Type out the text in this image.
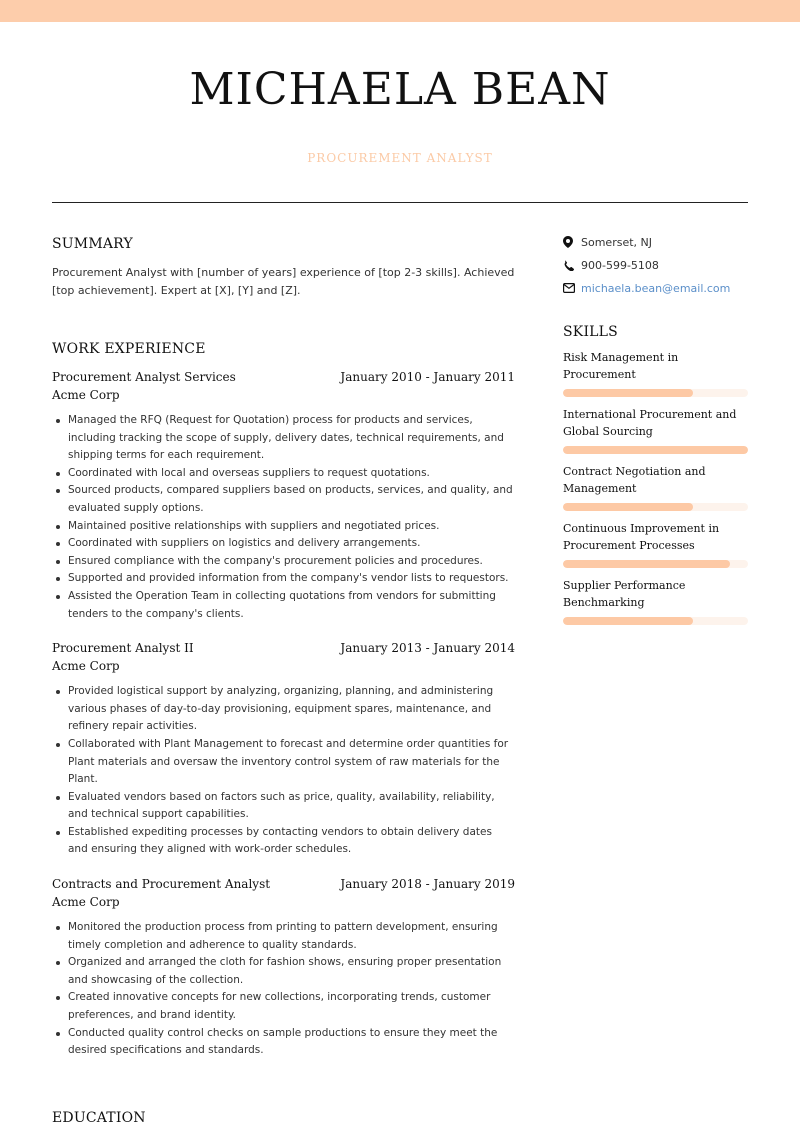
MICHAELA BEAN
PROCUREMENT ANALYST
SUMMARY

Procurement Analyst with [number of years] experience of [top 2-3 skills]. Achieved [top achievement]. Expert at [X], [Y] and [Z].

WORK EXPERIENCE
Procurement Analyst Services	January 2010 - January 2011
Acme Corp
Managed the RFQ (Request for Quotation) process for products and services, including tracking the scope of supply, delivery dates, technical requirements, and shipping terms for each requirement.
Coordinated with local and overseas suppliers to request quotations.
Sourced products, compared suppliers based on products, services, and quality, and evaluated supply options.
Maintained positive relationships with suppliers and negotiated prices.
Coordinated with suppliers on logistics and delivery arrangements.
Ensured compliance with the company's procurement policies and procedures.
Supported and provided information from the company's vendor lists to requestors.
Assisted the Operation Team in collecting quotations from vendors for submitting tenders to the company's clients.
Procurement Analyst II	January 2013 - January 2014
Acme Corp
Provided logistical support by analyzing, organizing, planning, and administering various phases of day-to-day provisioning, equipment spares, maintenance, and refinery repair activities.
Collaborated with Plant Management to forecast and determine order quantities for Plant materials and oversaw the inventory control system of raw materials for the Plant.
Evaluated vendors based on factors such as price, quality, availability, reliability, and technical support capabilities.
Established expediting processes by contacting vendors to obtain delivery dates and ensuring they aligned with work-order schedules.
Contracts and Procurement Analyst	January 2018 - January 2019
Acme Corp
Monitored the production process from printing to pattern development, ensuring timely completion and adherence to quality standards.
Organized and arranged the cloth for fashion shows, ensuring proper presentation and showcasing of the collection.
Created innovative concepts for new collections, incorporating trends, customer preferences, and brand identity.
Conducted quality control checks on sample productions to ensure they meet the desired specifications and standards.
EDUCATION
Somerset, NJ
900-599-5108
michaela.bean@email.com
SKILLS
Risk Management in Procurement
International Procurement and Global Sourcing
Contract Negotiation and Management
Continuous Improvement in Procurement Processes
Supplier Performance Benchmarking
